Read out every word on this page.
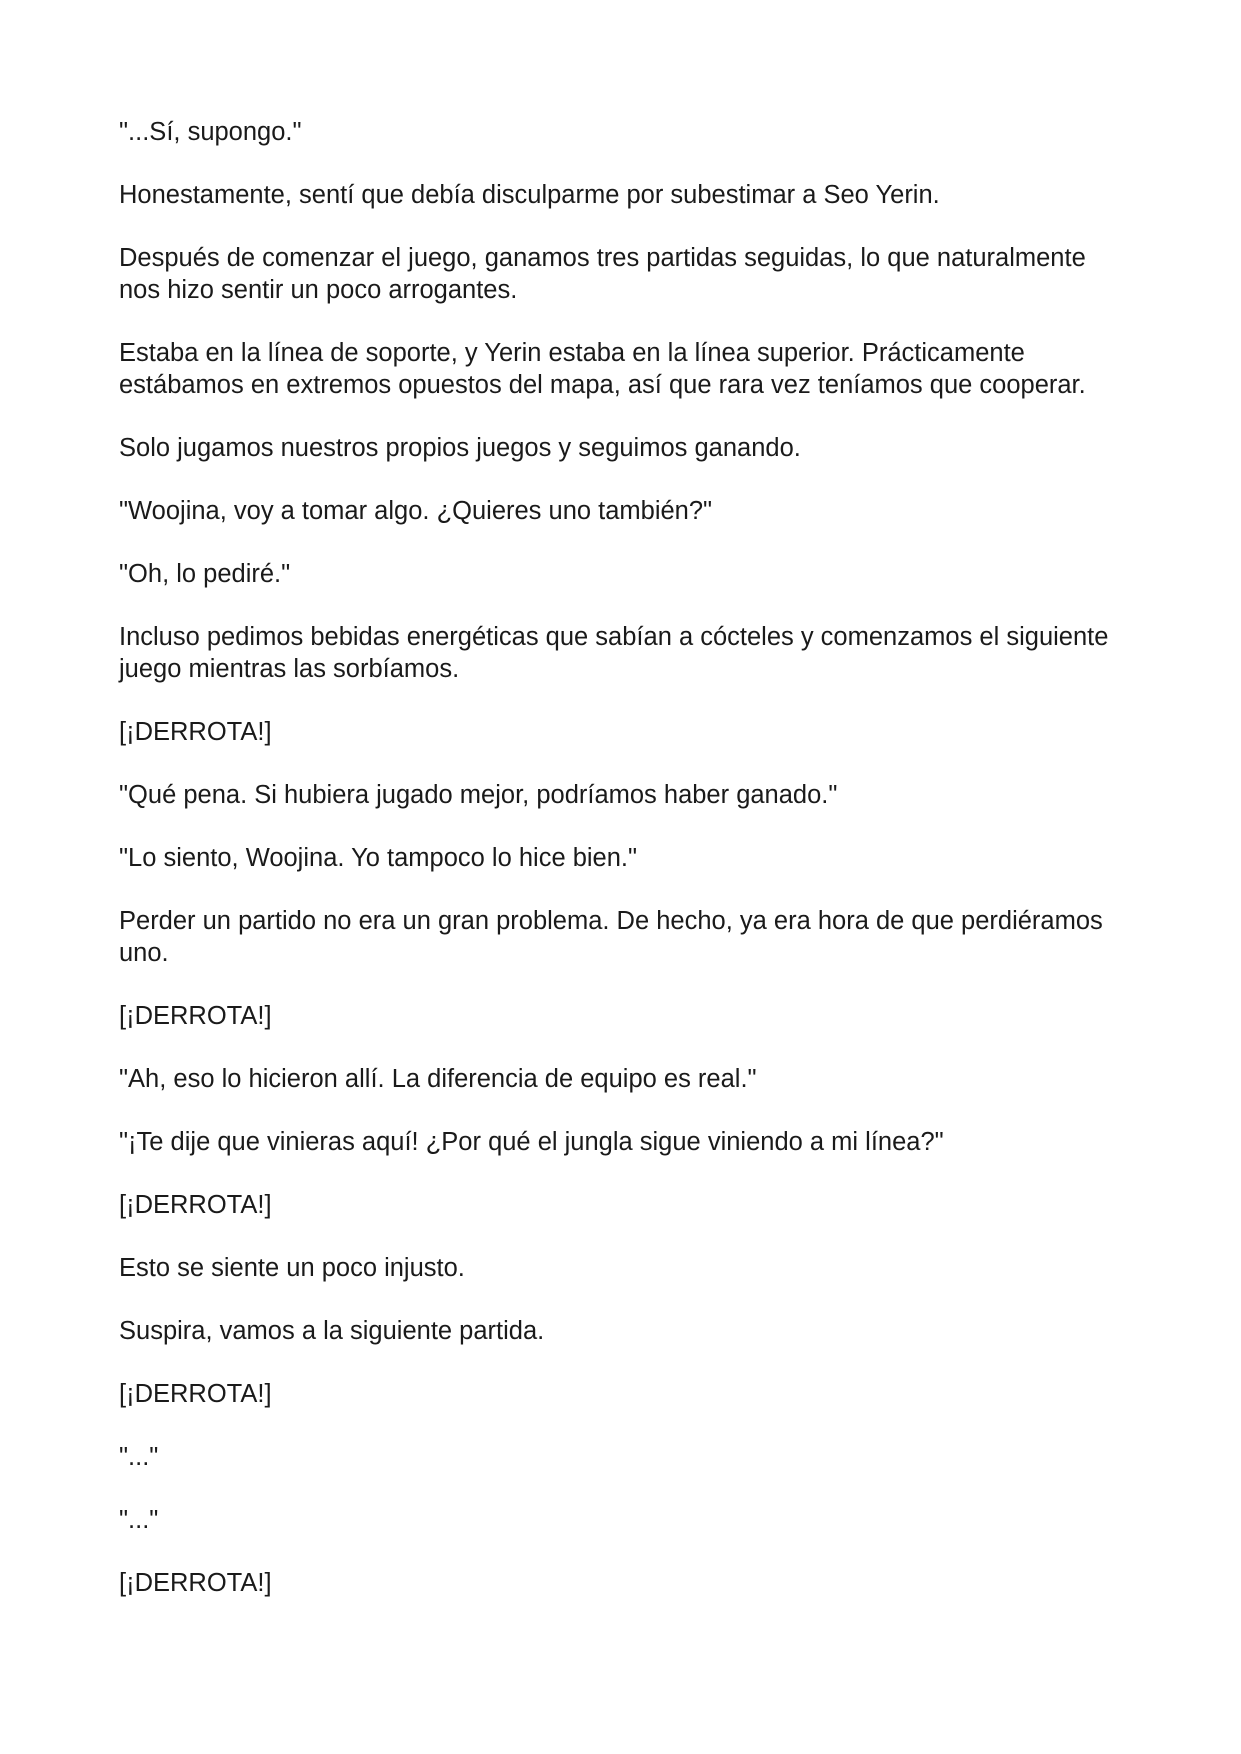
"...Sí, supongo."

Honestamente, sentí que debía disculparme por subestimar a Seo Yerin.

Después de comenzar el juego, ganamos tres partidas seguidas, lo que naturalmente nos hizo sentir un poco arrogantes.

Estaba en la línea de soporte, y Yerin estaba en la línea superior. Prácticamente estábamos en extremos opuestos del mapa, así que rara vez teníamos que cooperar.

Solo jugamos nuestros propios juegos y seguimos ganando.

"Woojina, voy a tomar algo. ¿Quieres uno también?"

"Oh, lo pediré."

Incluso pedimos bebidas energéticas que sabían a cócteles y comenzamos el siguiente juego mientras las sorbíamos.

[¡DERROTA!]

"Qué pena. Si hubiera jugado mejor, podríamos haber ganado."

"Lo siento, Woojina. Yo tampoco lo hice bien."

Perder un partido no era un gran problema. De hecho, ya era hora de que perdiéramos uno.

[¡DERROTA!]

"Ah, eso lo hicieron allí. La diferencia de equipo es real."

"¡Te dije que vinieras aquí! ¿Por qué el jungla sigue viniendo a mi línea?"

[¡DERROTA!]

Esto se siente un poco injusto.

Suspira, vamos a la siguiente partida.

[¡DERROTA!]

"..."

"..."

[¡DERROTA!]
